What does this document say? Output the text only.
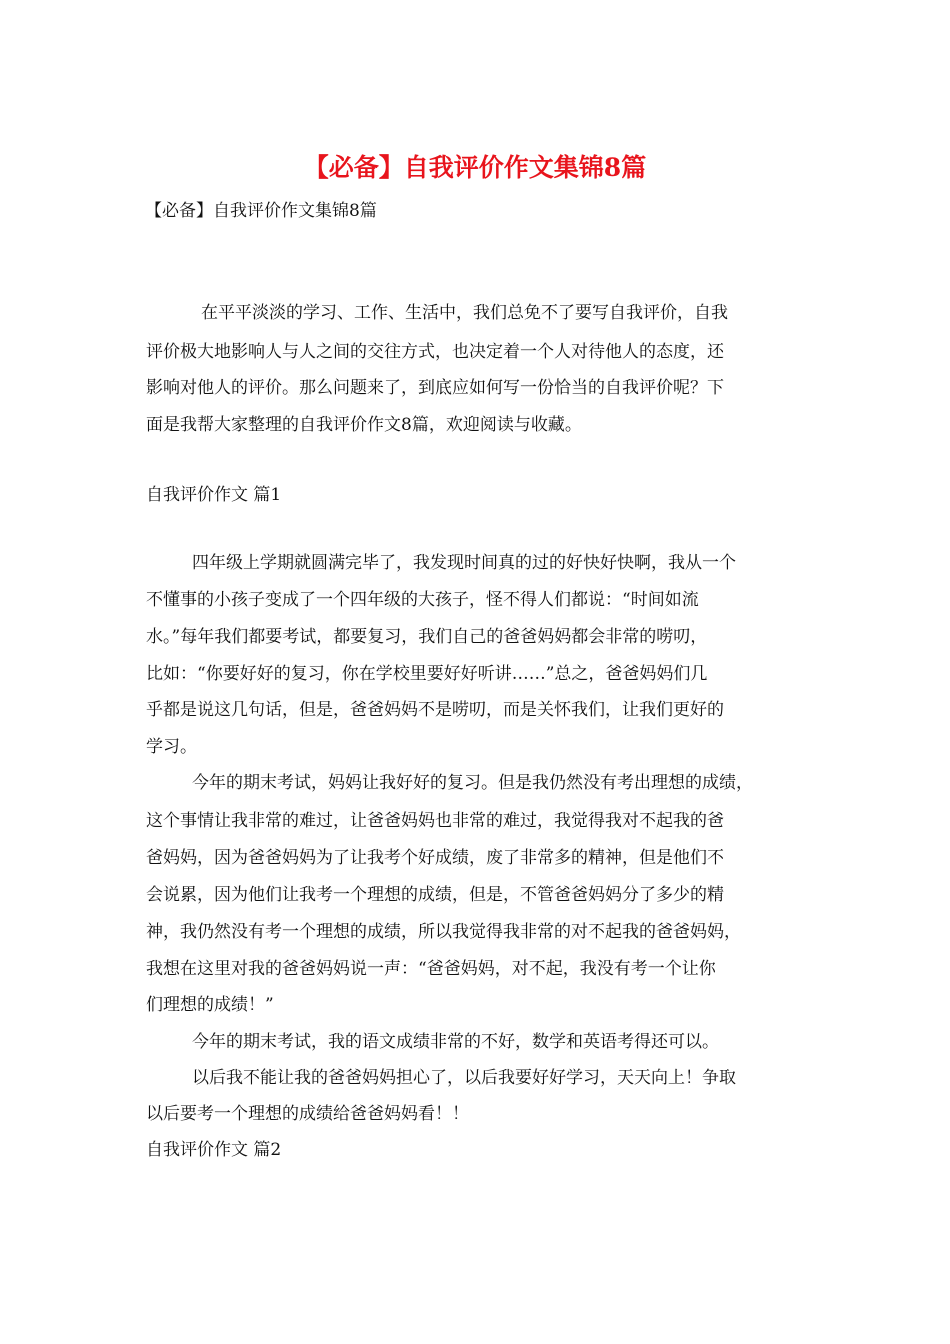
【必备】自我评价作文集锦8篇
【必备】自我评价作文集锦8篇
在平平淡淡的学习、工作、生活中，我们总免不了要写自我评价，自我
评价极大地影响人与人之间的交往方式，也决定着一个人对待他人的态度，还
影响对他人的评价。那么问题来了，到底应如何写一份恰当的自我评价呢？下
面是我帮大家整理的自我评价作文8篇，欢迎阅读与收藏。
自我评价作文 篇1
四年级上学期就圆满完毕了，我发现时间真的过的好快好快啊，我从一个
不懂事的小孩子变成了一个四年级的大孩子，怪不得人们都说：“时间如流
水。”每年我们都要考试，都要复习，我们自己的爸爸妈妈都会非常的唠叨，
比如：“你要好好的复习，你在学校里要好好听讲……”总之，爸爸妈妈们几
乎都是说这几句话，但是，爸爸妈妈不是唠叨，而是关怀我们，让我们更好的
学习。
今年的期末考试，妈妈让我好好的复习。但是我仍然没有考出理想的成绩，
这个事情让我非常的难过，让爸爸妈妈也非常的难过，我觉得我对不起我的爸
爸妈妈，因为爸爸妈妈为了让我考个好成绩，废了非常多的精神，但是他们不
会说累，因为他们让我考一个理想的成绩，但是，不管爸爸妈妈分了多少的精
神，我仍然没有考一个理想的成绩，所以我觉得我非常的对不起我的爸爸妈妈，
我想在这里对我的爸爸妈妈说一声：“爸爸妈妈，对不起，我没有考一个让你
们理想的成绩！”
今年的期末考试，我的语文成绩非常的不好，数学和英语考得还可以。
以后我不能让我的爸爸妈妈担心了，以后我要好好学习，天天向上！争取
以后要考一个理想的成绩给爸爸妈妈看！！
自我评价作文 篇2
